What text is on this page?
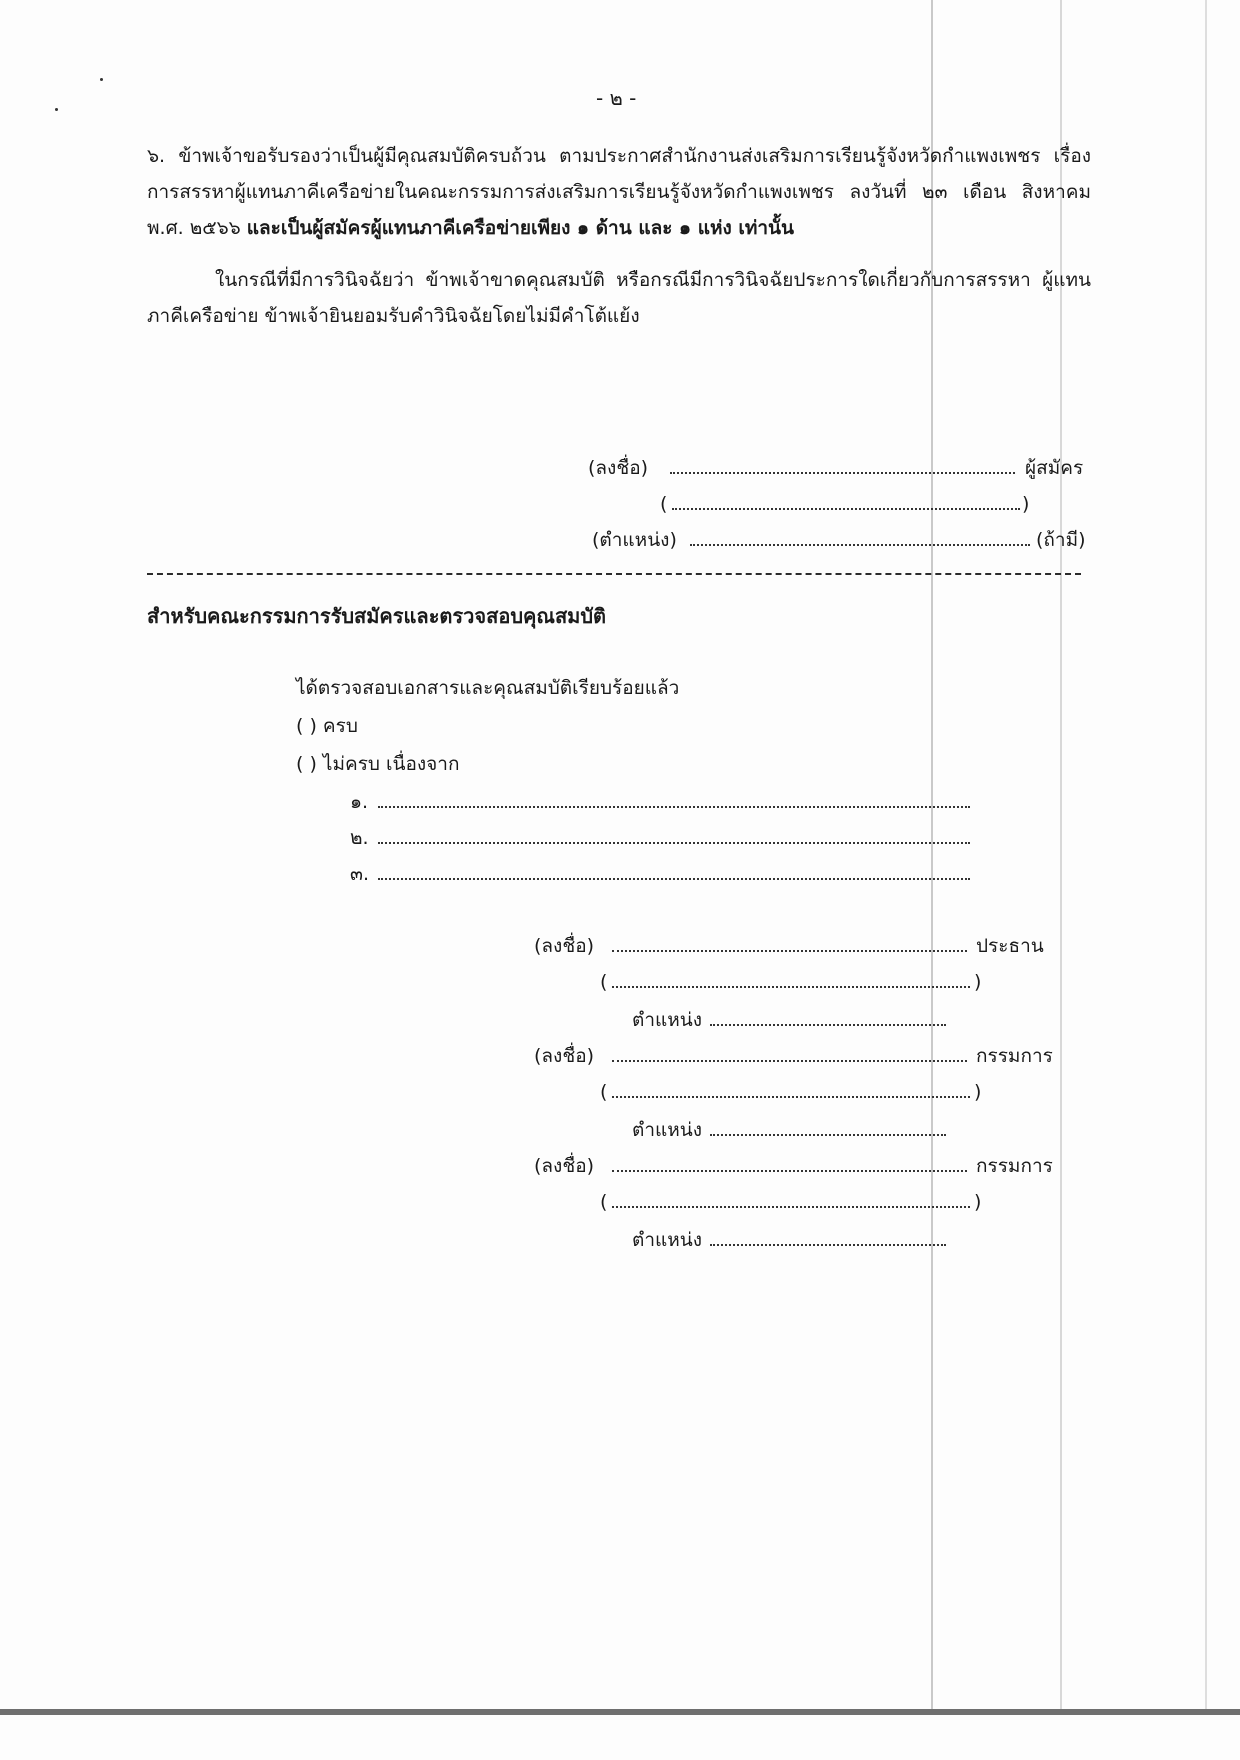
- ๒ -

๖. ข้าพเจ้าขอรับรองว่าเป็นผู้มีคุณสมบัติครบถ้วน ตามประกาศสำนักงานส่งเสริมการเรียนรู้จังหวัดกำแพงเพชร เรื่อง การสรรหาผู้แทนภาคีเครือข่ายในคณะกรรมการส่งเสริมการเรียนรู้จังหวัดกำแพงเพชร ลงวันที่ ๒๓ เดือน สิงหาคม พ.ศ. ๒๕๖๖ และเป็นผู้สมัครผู้แทนภาคีเครือข่ายเพียง ๑ ด้าน และ ๑ แห่ง เท่านั้น

ในกรณีที่มีการวินิจฉัยว่า ข้าพเจ้าขาดคุณสมบัติ หรือกรณีมีการวินิจฉัยประการใดเกี่ยวกับการสรรหา ผู้แทนภาคีเครือข่าย ข้าพเจ้ายินยอมรับคำวินิจฉัยโดยไม่มีคำโต้แย้ง

(ลงชื่อ)	ผู้สมัคร
(	)
(ตำแหน่ง)	(ถ้ามี)
สำหรับคณะกรรมการรับสมัครและตรวจสอบคุณสมบัติ
ได้ตรวจสอบเอกสารและคุณสมบัติเรียบร้อยแล้ว
( ) ครบ
( ) ไม่ครบ เนื่องจาก
๑.
๒.
๓.
(ลงชื่อ)	ประธาน
(	)
ตำแหน่ง
(ลงชื่อ)	กรรมการ
(	)
ตำแหน่ง
(ลงชื่อ)	กรรมการ
(	)
ตำแหน่ง
